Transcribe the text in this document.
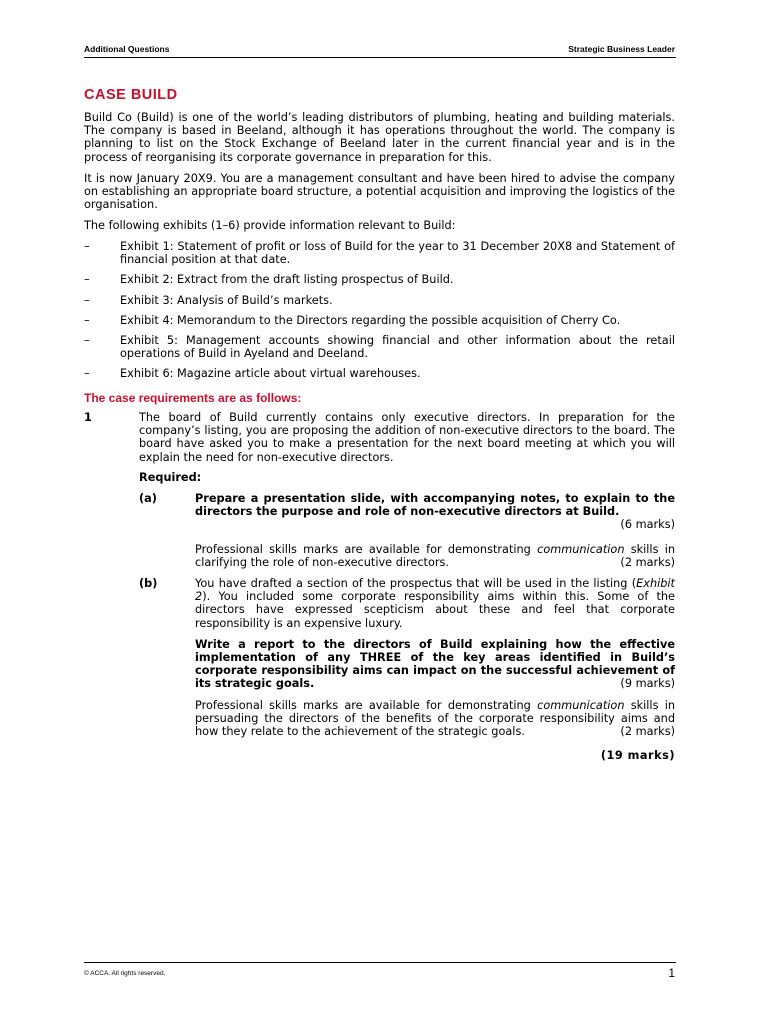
Additional Questions	Strategic Business Leader
CASE BUILD
Build Co (Build) is one of the world’s leading distributors of plumbing, heating and building materials. The company is based in Beeland, although it has operations throughout the world. The company is planning to list on the Stock Exchange of Beeland later in the current financial year and is in the process of reorganising its corporate governance in preparation for this.
It is now January 20X9. You are a management consultant and have been hired to advise the company on establishing an appropriate board structure, a potential acquisition and improving the logistics of the organisation.
The following exhibits (1–6) provide information relevant to Build:
–	Exhibit 1: Statement of profit or loss of Build for the year to 31 December 20X8 and Statement of financial position at that date.
–	Exhibit 2: Extract from the draft listing prospectus of Build.
–	Exhibit 3: Analysis of Build’s markets.
–	Exhibit 4: Memorandum to the Directors regarding the possible acquisition of Cherry Co.
–	Exhibit 5: Management accounts showing financial and other information about the retail operations of Build in Ayeland and Deeland.
–	Exhibit 6: Magazine article about virtual warehouses.
The case requirements are as follows:
1	The board of Build currently contains only executive directors. In preparation for the company’s listing, you are proposing the addition of non-executive directors to the board. The board have asked you to make a presentation for the next board meeting at which you will explain the need for non-executive directors.
Required:
(a)	Prepare a presentation slide, with accompanying notes, to explain to the directors the purpose and role of non-executive directors at Build.
(6 marks)
Professional skills marks are available for demonstrating communication skills in clarifying the role of non-executive directors.	(2 marks)
(b)	You have drafted a section of the prospectus that will be used in the listing (Exhibit 2). You included some corporate responsibility aims within this. Some of the directors have expressed scepticism about these and feel that corporate responsibility is an expensive luxury.
Write a report to the directors of Build explaining how the effective implementation of any THREE of the key areas identified in Build’s corporate responsibility aims can impact on the successful achievement of its strategic goals.	(9 marks)
Professional skills marks are available for demonstrating communication skills in persuading the directors of the benefits of the corporate responsibility aims and how they relate to the achievement of the strategic goals.	(2 marks)
(19 marks)
© ACCA. All rights reserved.	1
